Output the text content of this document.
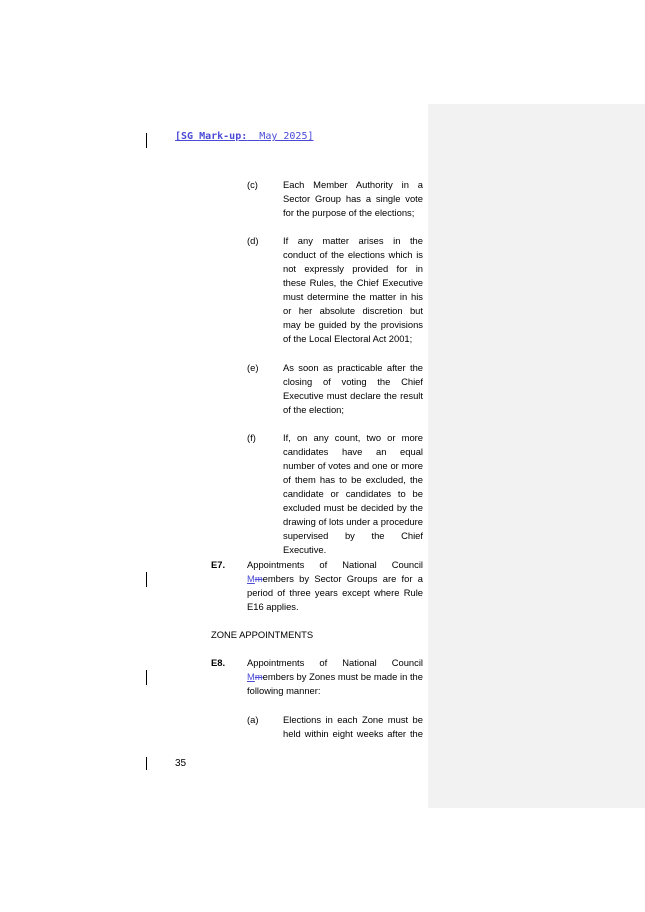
[SG Mark-up: May 2025]
(c)	Each Member Authority in a Sector Group has a single vote for the purpose of the elections;
(d)	If any matter arises in the conduct of the elections which is not expressly provided for in these Rules, the Chief Executive must determine the matter in his or her absolute discretion but may be guided by the provisions of the Local Electoral Act 2001;
(e)	As soon as practicable after the closing of voting the Chief Executive must declare the result of the election;
(f)	If, on any count, two or more candidates have an equal number of votes and one or more of them has to be excluded, the candidate or candidates to be excluded must be decided by the drawing of lots under a procedure supervised by the Chief Executive.
E7. Appointments of National Council Mmembers by Sector Groups are for a period of three years except where Rule E16 applies.
ZONE APPOINTMENTS
E8. Appointments of National Council Mmembers by Zones must be made in the following manner:
(a)	Elections in each Zone must be held within eight weeks after the
35
